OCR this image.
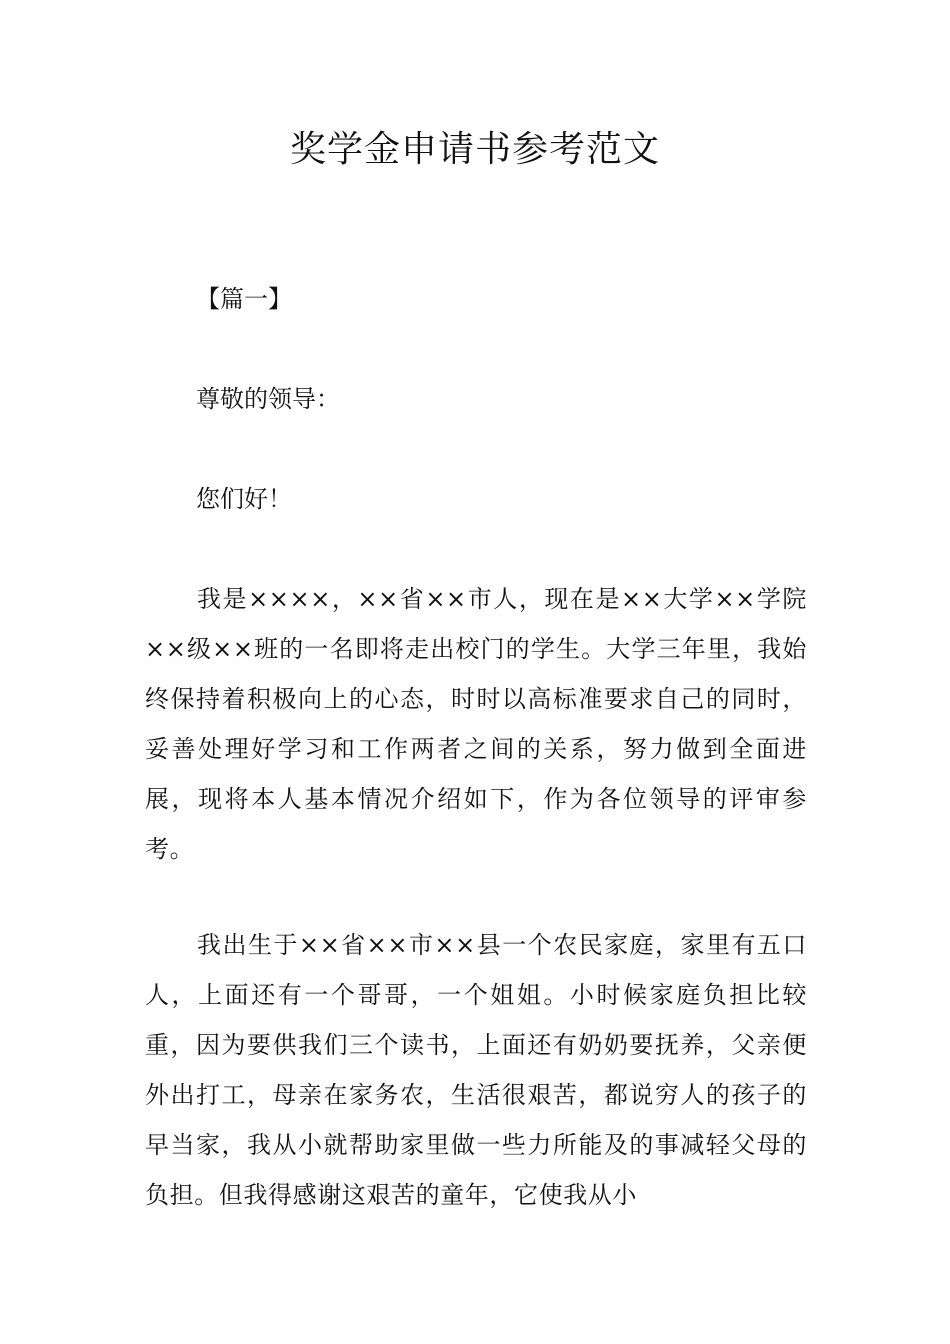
奖学金申请书参考范文

【篇一】

尊敬的领导：

您们好！

我是××××，××省××市人，现在是××大学××学院××级××班的一名即将走出校门的学生。大学三年里，我始终保持着积极向上的心态，时时以高标准要求自己的同时，妥善处理好学习和工作两者之间的关系，努力做到全面进展，现将本人基本情况介绍如下，作为各位领导的评审参考。

我出生于××省××市××县一个农民家庭，家里有五口人，上面还有一个哥哥，一个姐姐。小时候家庭负担比较重，因为要供我们三个读书，上面还有奶奶要抚养，父亲便外出打工，母亲在家务农，生活很艰苦，都说穷人的孩子的早当家，我从小就帮助家里做一些力所能及的事减轻父母的负担。但我得感谢这艰苦的童年，它使我从小
